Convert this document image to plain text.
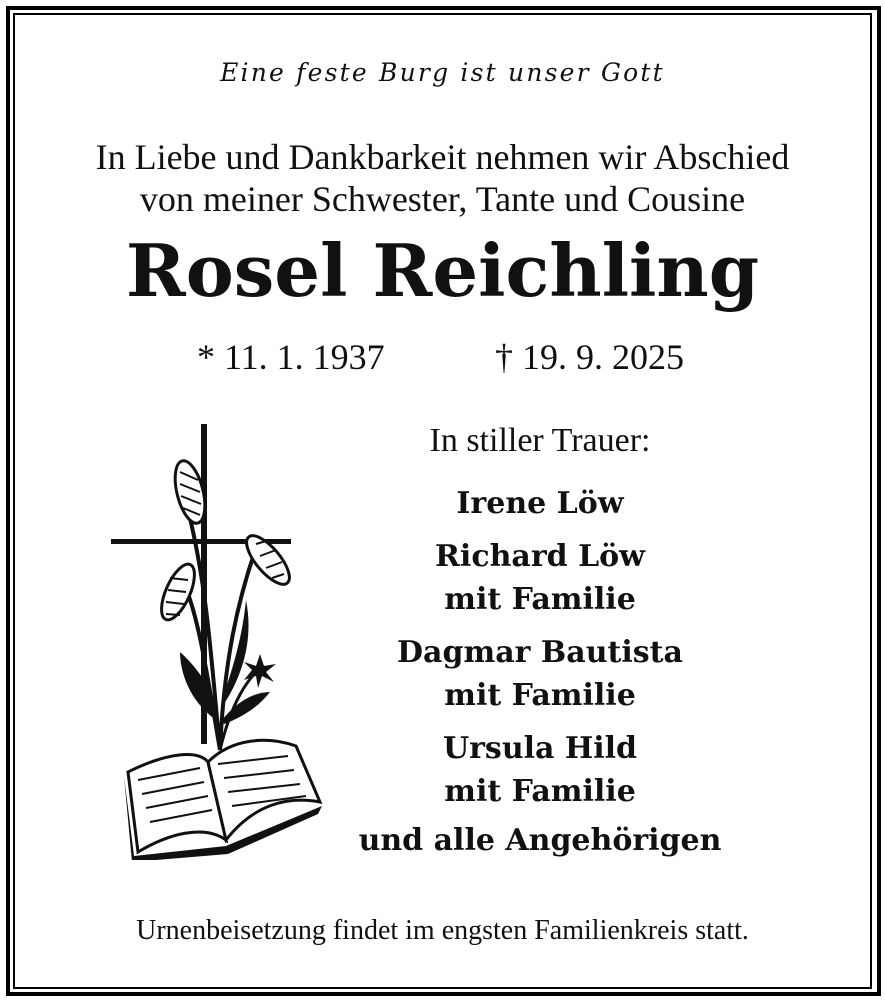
Eine feste Burg ist unser Gott
In Liebe und Dankbarkeit nehmen wir Abschied
von meiner Schwester, Tante und Cousine
Rosel Reichling
* 11. 1. 1937	† 19. 9. 2025
In stiller Trauer:
Irene Löw
Richard Löw
mit Familie
Dagmar Bautista
mit Familie
Ursula Hild
mit Familie
und alle Angehörigen
Urnenbeisetzung findet im engsten Familienkreis statt.
